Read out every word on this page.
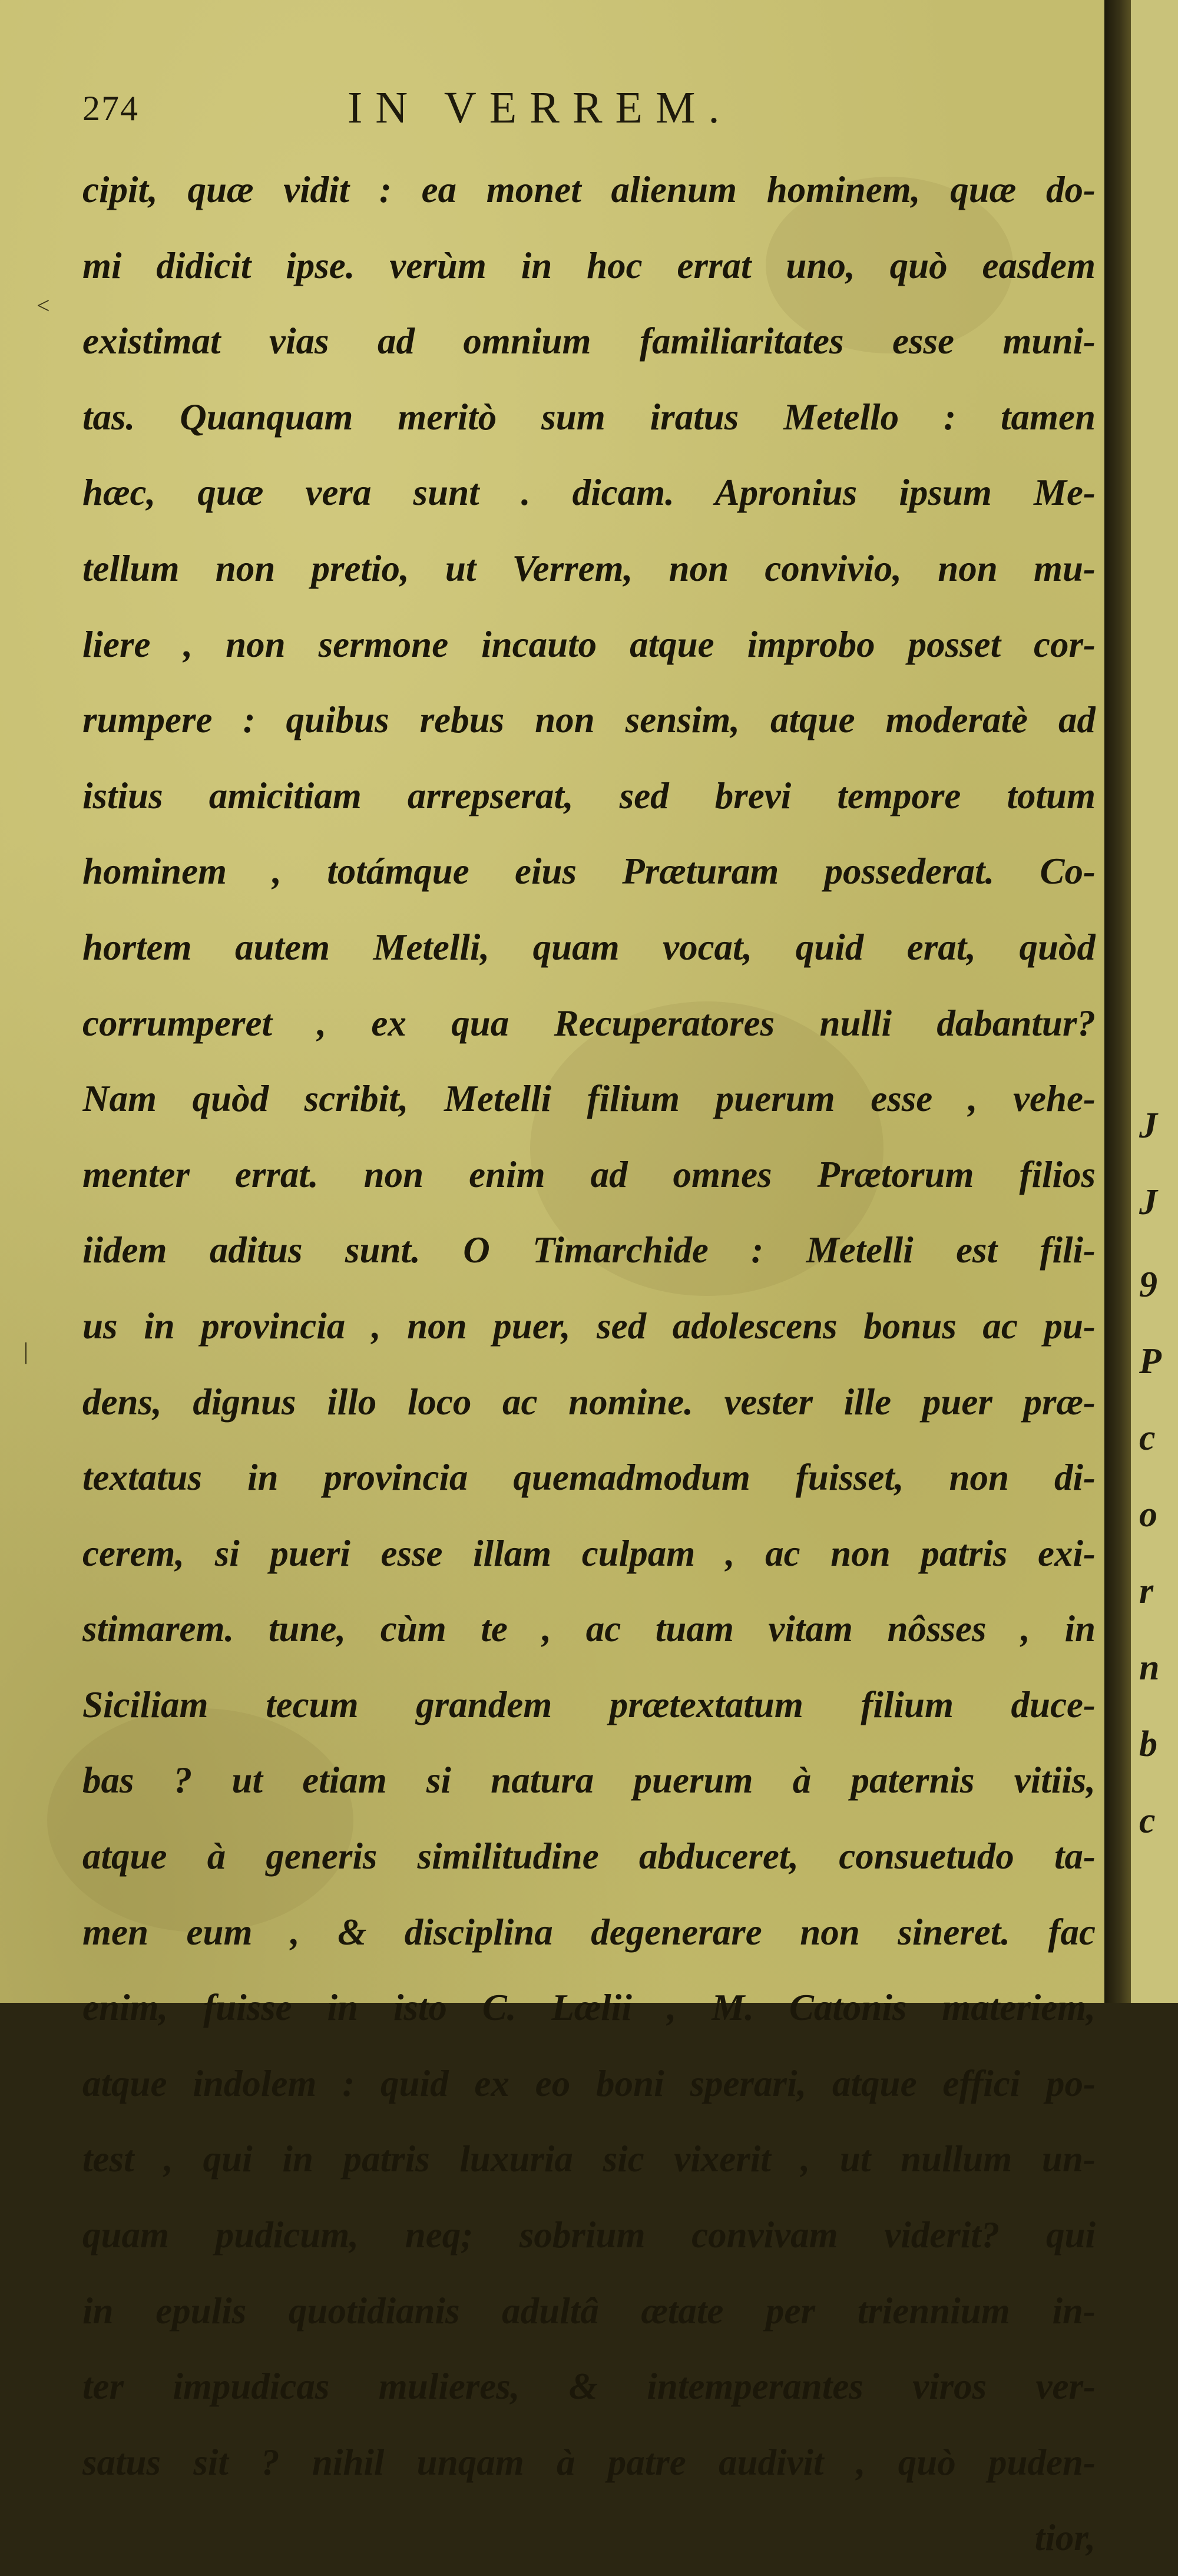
274	IN VERREM.
<
|
cipit, quæ vidit : ea monet alienum hominem, quæ do-
mi didicit ipse. verùm in hoc errat uno, quò easdem
existimat vias ad omnium familiaritates esse muni-
tas. Quanquam meritò sum iratus Metello : tamen
hæc, quæ vera sunt . dicam. Apronius ipsum Me-
tellum non pretio, ut Verrem, non convivio, non mu-
liere , non sermone incauto atque improbo posset cor-
rumpere : quibus rebus non sensim, atque moderatè ad
istius amicitiam arrepserat, sed brevi tempore totum
hominem , totámque eius Præturam possederat. Co-
hortem autem Metelli, quam vocat, quid erat, quòd
corrumperet , ex qua Recuperatores nulli dabantur?
Nam quòd scribit, Metelli filium puerum esse , vehe-
menter errat. non enim ad omnes Prætorum filios
iidem aditus sunt. O Timarchide : Metelli est fili-
us in provincia , non puer, sed adolescens bonus ac pu-
dens, dignus illo loco ac nomine. vester ille puer præ-
textatus in provincia quemadmodum fuisset, non di-
cerem, si pueri esse illam culpam , ac non patris exi-
stimarem. tune, cùm te , ac tuam vitam nôsses , in
Siciliam tecum grandem prætextatum filium duce-
bas ? ut etiam si natura puerum à paternis vitiis,
atque à generis similitudine abduceret, consuetudo ta-
men eum , & disciplina degenerare non sineret. fac
enim, fuisse in isto C. Lælii , M. Catonis materiem,
atque indolem : quid ex eo boni sperari, atque effici po-
test , qui in patris luxuria sic vixerit , ut nullum un-
quam pudicum, neq; sobrium convivam viderit? qui
in epulis quotidianis adultâ ætate per triennium in-
ter impudicas mulieres, & intemperantes viros ver-
satus sit ? nihil unqam à patre audivit , quò puden-
tior,
J
J
9
P
c
o
r
n
b
c
